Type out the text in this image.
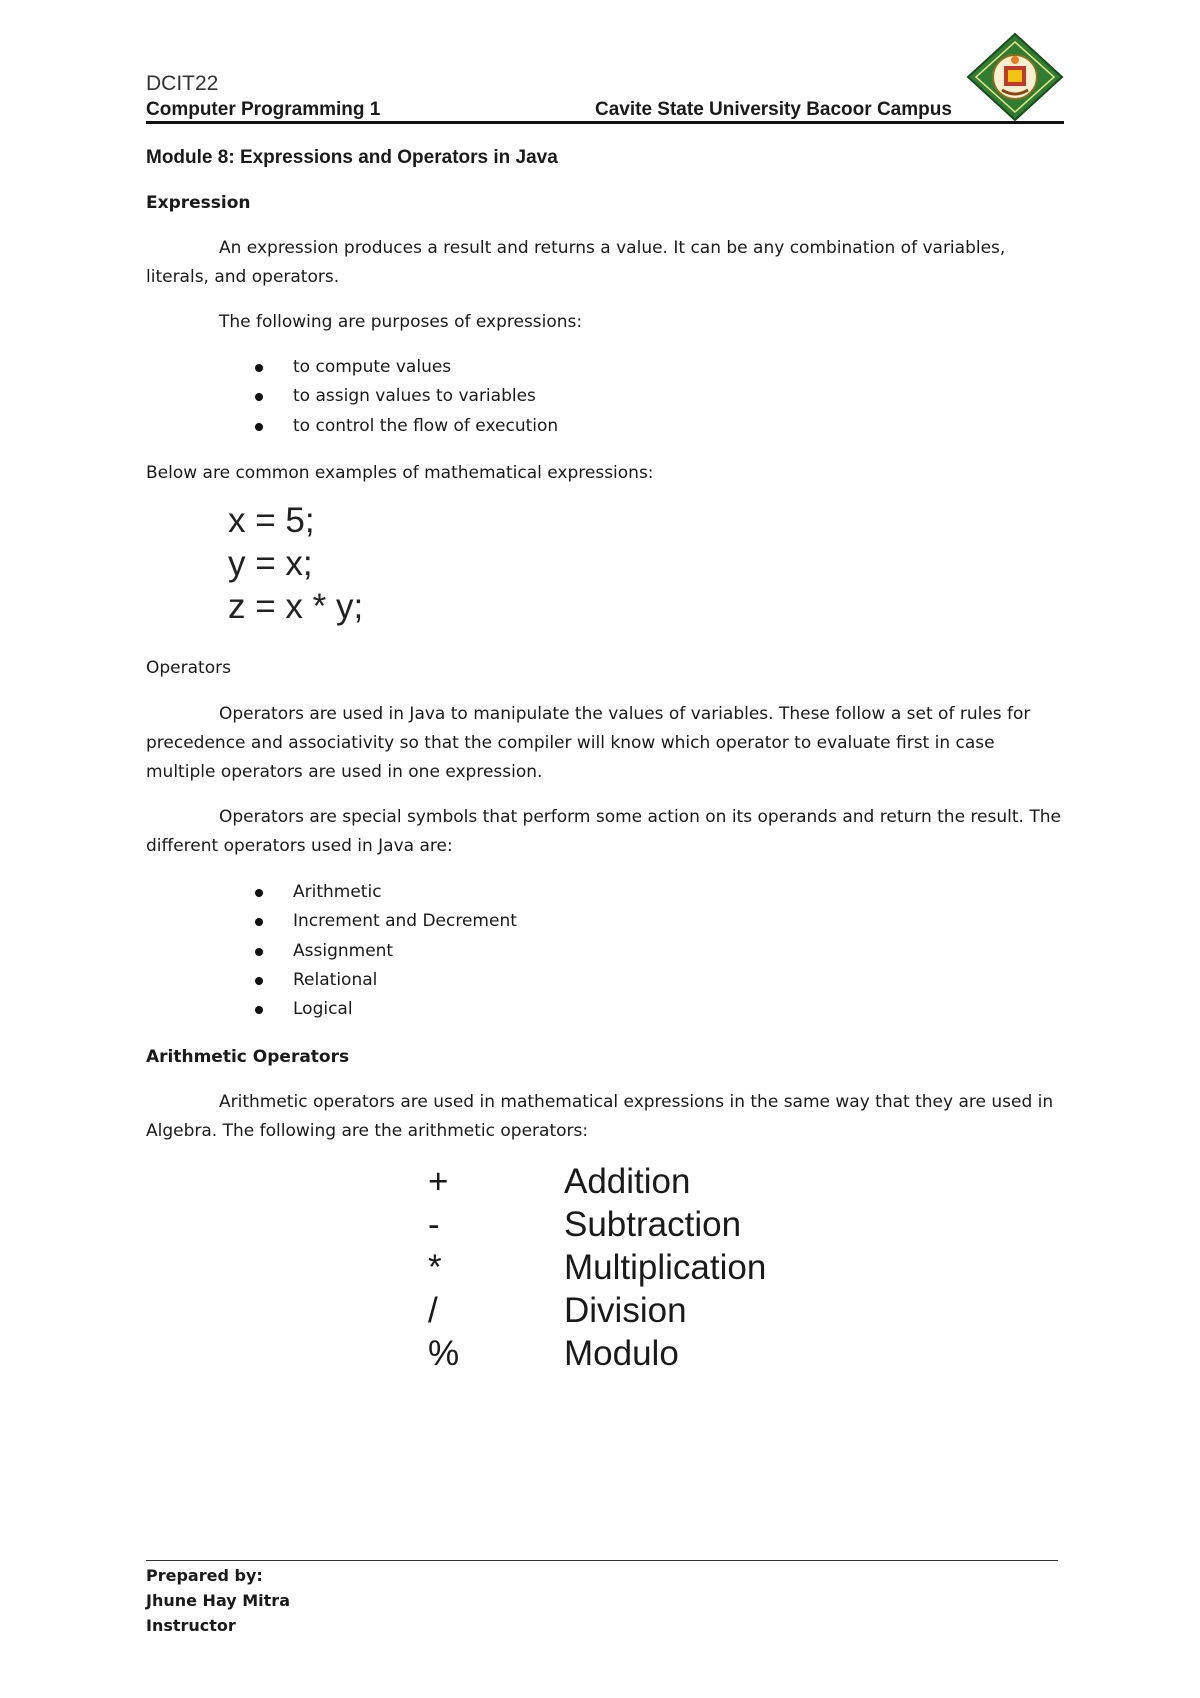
DCIT22
Computer Programming 1	Cavite State University Bacoor Campus
Module 8: Expressions and Operators in Java
Expression
An expression produces a result and returns a value. It can be any combination of variables, literals, and operators.
The following are purposes of expressions:
to compute values
to assign values to variables
to control the flow of execution
Below are common examples of mathematical expressions:
x = 5;
y = x;
z = x * y;
Operators
Operators are used in Java to manipulate the values of variables. These follow a set of rules for precedence and associativity so that the compiler will know which operator to evaluate first in case multiple operators are used in one expression.
Operators are special symbols that perform some action on its operands and return the result. The different operators used in Java are:
Arithmetic
Increment and Decrement
Assignment
Relational
Logical
Arithmetic Operators
Arithmetic operators are used in mathematical expressions in the same way that they are used in Algebra. The following are the arithmetic operators:
+	Addition
-	Subtraction
*	Multiplication
/	Division
%	Modulo
Prepared by:
Jhune Hay Mitra
Instructor
